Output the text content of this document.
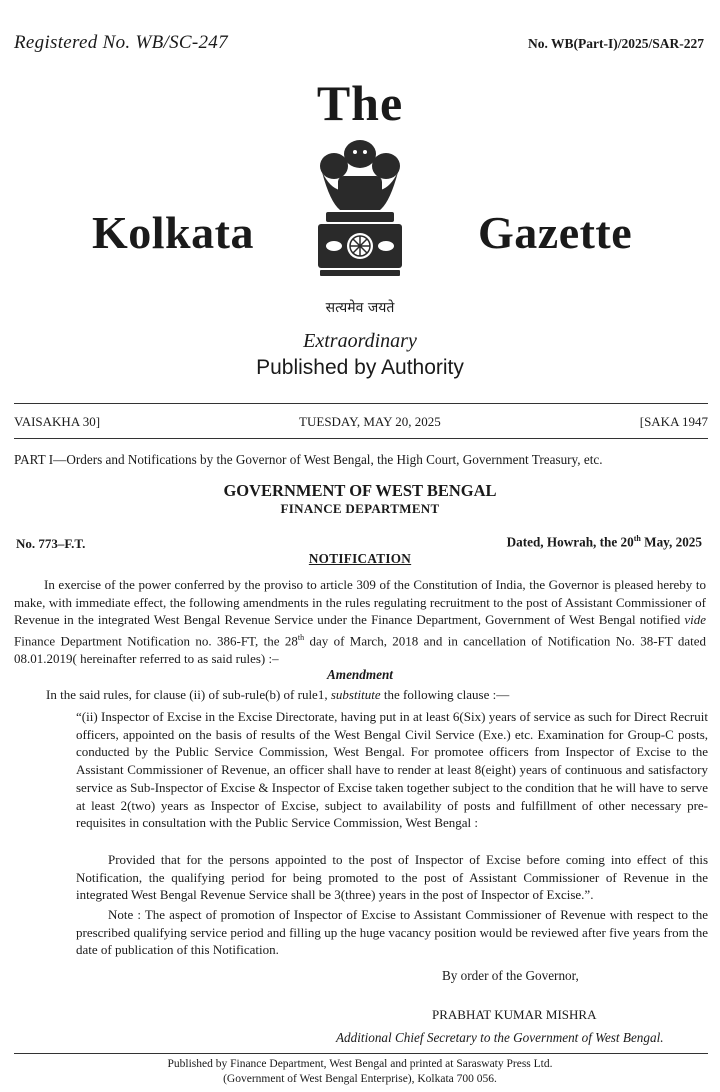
Registered No. WB/SC-247	No. WB(Part-I)/2025/SAR-227
The
Kolkata	Gazette
सत्यमेव जयते
Extraordinary
Published by Authority
VAISAKHA 30]	TUESDAY, MAY 20, 2025	[SAKA 1947
PART I—Orders and Notifications by the Governor of West Bengal, the High Court, Government Treasury, etc.
GOVERNMENT OF WEST BENGAL
FINANCE DEPARTMENT
No. 773–F.T.	Dated, Howrah, the 20th May, 2025
NOTIFICATION
In exercise of the power conferred by the proviso to article 309 of the Constitution of India, the Governor is pleased hereby to make, with immediate effect, the following amendments in the rules regulating recruitment to the post of Assistant Commissioner of Revenue in the integrated West Bengal Revenue Service under the Finance Department, Government of West Bengal notified vide Finance Department Notification no. 386-FT, the 28th day of March, 2018 and in cancellation of Notification No. 38-FT dated 08.01.2019( hereinafter referred to as said rules) :–
Amendment
In the said rules, for clause (ii) of sub-rule(b) of rule1, substitute the following clause :—
“(ii) Inspector of Excise in the Excise Directorate, having put in at least 6(Six) years of service as such for Direct Recruit officers, appointed on the basis of results of the West Bengal Civil Service (Exe.) etc. Examination for Group-C posts, conducted by the Public Service Commission, West Bengal. For promotee officers from Inspector of Excise to the Assistant Commissioner of Revenue, an officer shall have to render at least 8(eight) years of continuous and satisfactory service as Sub-Inspector of Excise & Inspector of Excise taken together subject to the condition that he will have to serve at least 2(two) years as Inspector of Excise, subject to availability of posts and fulfillment of other necessary pre-requisites in consultation with the Public Service Commission, West Bengal :
Provided that for the persons appointed to the post of Inspector of Excise before coming into effect of this Notification, the qualifying period for being promoted to the post of Assistant Commissioner of Revenue in the integrated West Bengal Revenue Service shall be 3(three) years in the post of Inspector of Excise.”.
Note : The aspect of promotion of Inspector of Excise to Assistant Commissioner of Revenue with respect to the prescribed qualifying service period and filling up the huge vacancy position would be reviewed after five years from the date of publication of this Notification.
By order of the Governor,
PRABHAT KUMAR MISHRA
Additional Chief Secretary to the Government of West Bengal.
Published by Finance Department, West Bengal and printed at Saraswaty Press Ltd.
(Government of West Bengal Enterprise), Kolkata 700 056.
